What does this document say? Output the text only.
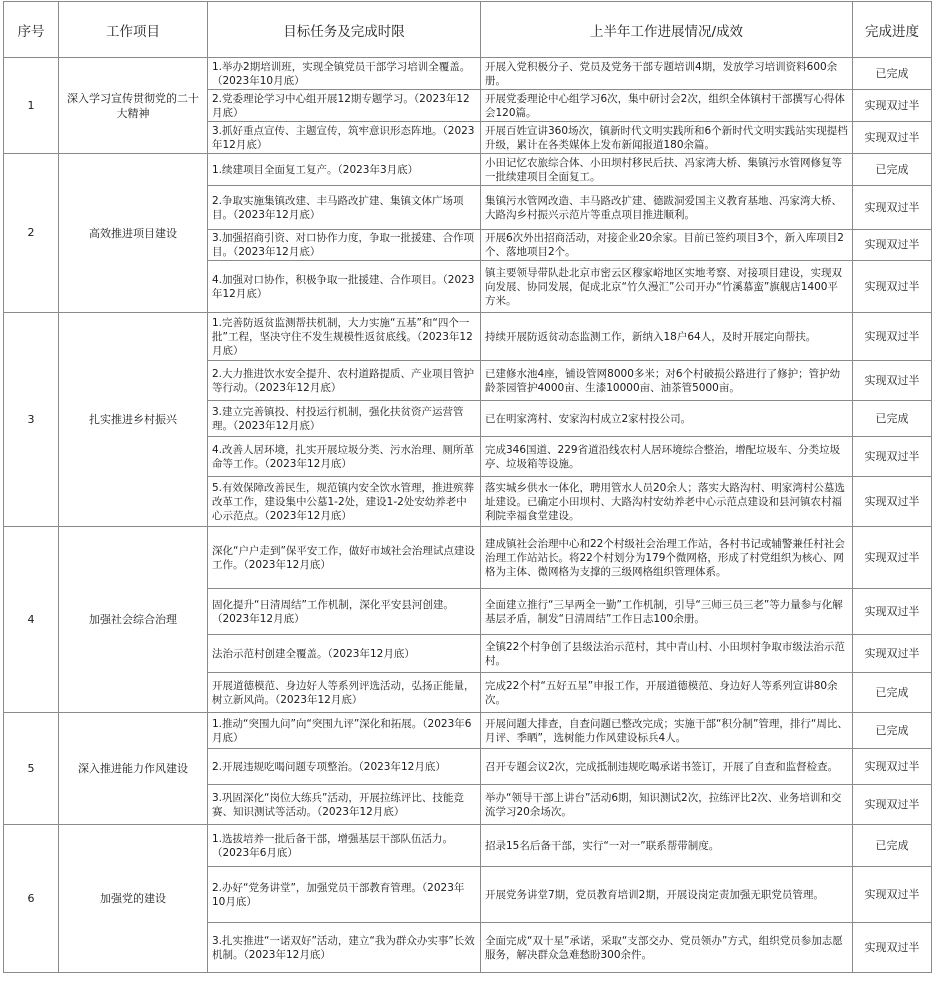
序号	工作项目	目标任务及完成时限	上半年工作进展情况/成效	完成进度
1	深入学习宣传贯彻党的二十大精神	1.举办2期培训班，实现全镇党员干部学习培训全覆盖。（2023年10月底）	开展入党积极分子、党员及党务干部专题培训4期，发放学习培训资料600余册。	已完成
		2.党委理论学习中心组开展12期专题学习。（2023年12月底）	开展党委理论中心组学习6次，集中研讨会2次，组织全体镇村干部撰写心得体会120篇。	实现双过半
		3.抓好重点宣传、主题宣传，筑牢意识形态阵地。（2023年12月底）	开展百姓宣讲360场次，镇新时代文明实践所和6个新时代文明实践站实现提档升级，累计在各类媒体上发布新闻报道180余篇。	实现双过半
2	高效推进项目建设	1.续建项目全面复工复产。（2023年3月底）	小田记忆农旅综合体、小田坝村移民后扶、冯家湾大桥、集镇污水管网修复等一批续建项目全面复工。	已完成
		2.争取实施集镇改建、丰马路改扩建、集镇文体广场项目。（2023年12月底）	集镇污水管网改造、丰马路改扩建、德跋洞爱国主义教育基地、冯家湾大桥、大路沟乡村振兴示范片等重点项目推进顺利。	实现双过半
		3.加强招商引资、对口协作力度，争取一批援建、合作项目。（2023年12月底）	开展6次外出招商活动，对接企业20余家。目前已签约项目3个，新入库项目2个、落地项目2个。	实现双过半
		4.加强对口协作，积极争取一批援建、合作项目。（2023年12月底）	镇主要领导带队赴北京市密云区穆家峪地区实地考察、对接项目建设，实现双向发展、协同发展，促成北京“竹久漫汇”公司开办“竹溪慕蛮”旗舰店1400平方米。	实现双过半
3	扎实推进乡村振兴	1.完善防返贫监测帮扶机制，大力实施“五基”和“四个一批”工程，坚决守住不发生规模性返贫底线。（2023年12月底）	持续开展防返贫动态监测工作，新纳入18户64人，及时开展定向帮扶。	实现双过半
		2.大力推进饮水安全提升、农村道路提质、产业项目管护等行动。（2023年12月底）	已建修水池4座，铺设管网8000多米；对6个村破损公路进行了修护；管护幼龄茶园管护4000亩、生漆10000亩、油茶管5000亩。	实现双过半
		3.建立完善镇投、村投运行机制，强化扶贫资产运营管理。（2023年12月底）	已在明家湾村、安家沟村成立2家村投公司。	已完成
		4.改善人居环境，扎实开展垃圾分类、污水治理、厕所革命等工作。（2023年12月底）	完成346国道、229省道沿线农村人居环境综合整治，增配垃圾车、分类垃圾亭、垃圾箱等设施。	实现双过半
		5.有效保障改善民生，规范镇内安全饮水管理，推进殡葬改革工作，建设集中公墓1-2处，建设1-2处安幼养老中心示范点。（2023年12月底）	落实城乡供水一体化，聘用管水人员20余人；落实大路沟村、明家湾村公墓选址建设。已确定小田坝村、大路沟村安幼养老中心示范点建设和县河镇农村福利院幸福食堂建设。	实现双过半
4	加强社会综合治理	深化“户户走到”保平安工作，做好市域社会治理试点建设工作。（2023年12月底）	建成镇社会治理中心和22个村级社会治理工作站，各村书记或辅警兼任村社会治理工作站站长。将22个村划分为179个微网格，形成了村党组织为核心、网格为主体、微网格为支撑的三级网格组织管理体系。	实现双过半
		固化提升“日清周结”工作机制，深化平安县河创建。（2023年12月底）	全面建立推行“三早两全一勤”工作机制，引导“三师三员三老”等力量参与化解基层矛盾，制发“日清周结”工作日志100余册。	实现双过半
		法治示范村创建全覆盖。（2023年12月底）	全镇22个村争创了县级法治示范村，其中青山村、小田坝村争取市级法治示范村。	实现双过半
		开展道德模范、身边好人等系列评选活动，弘扬正能量，树立新风尚。（2023年12月底）	完成22个村“五好五星”申报工作，开展道德模范、身边好人等系列宣讲80余次。	已完成
5	深入推进能力作风建设	1.推动“突围九问”向“突围九评”深化和拓展。（2023年6月底）	开展问题大排查，自查问题已整改完成；实施干部“积分制”管理，排行“周比、月评、季晒”，选树能力作风建设标兵4人。	已完成
		2.开展违规吃喝问题专项整治。（2023年12月底）	召开专题会议2次，完成抵制违规吃喝承诺书签订，开展了自查和监督检查。	实现双过半
		3.巩固深化“岗位大练兵”活动，开展拉练评比、技能竞赛、知识测试等活动。（2023年12月底）	举办“领导干部上讲台”活动6期，知识测试2次，拉练评比2次、业务培训和交流学习20余场次。	实现双过半
6	加强党的建设	1.选拔培养一批后备干部，增强基层干部队伍活力。（2023年6月底）	招录15名后备干部，实行“一对一”联系帮带制度。	已完成
		2.办好“党务讲堂”，加强党员干部教育管理。（2023年10月底）	开展党务讲堂7期，党员教育培训2期，开展设岗定责加强无职党员管理。	实现双过半
		3.扎实推进“一诺双好”活动，建立“我为群众办实事”长效机制。（2023年12月底）	全面完成“双十星”承诺，采取“支部交办、党员领办”方式，组织党员参加志愿服务，解决群众急难愁盼300余件。	实现双过半
